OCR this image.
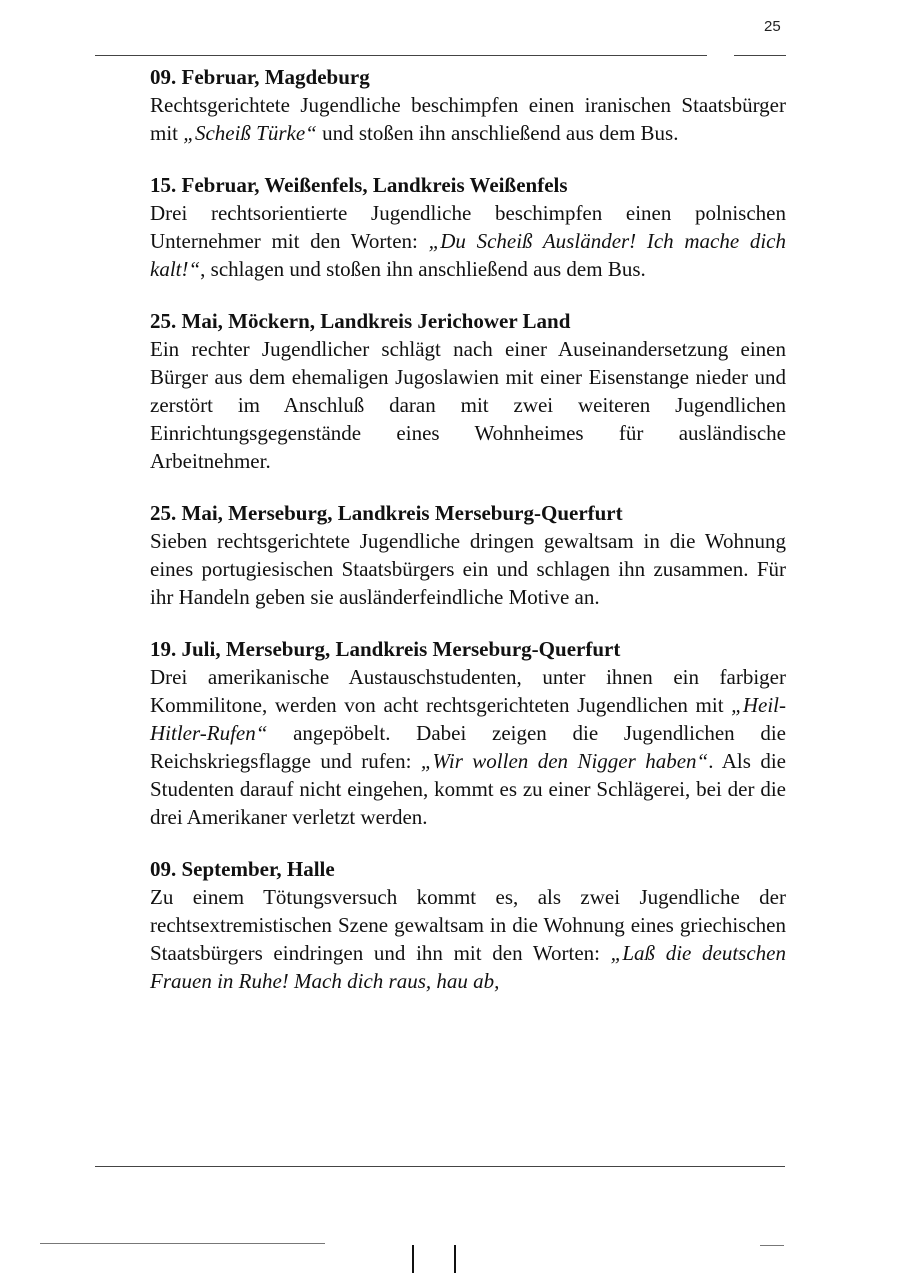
25

09. Februar, Magdeburg

Rechtsgerichtete Jugendliche beschimpfen einen iranischen Staatsbürger mit „Scheiß Türke“ und stoßen ihn anschließend aus dem Bus.

15. Februar, Weißenfels, Landkreis Weißenfels

Drei rechtsorientierte Jugendliche beschimpfen einen polnischen Unternehmer mit den Worten: „Du Scheiß Ausländer! Ich mache dich kalt!“, schlagen und stoßen ihn anschließend aus dem Bus.

25. Mai, Möckern, Landkreis Jerichower Land

Ein rechter Jugendlicher schlägt nach einer Auseinandersetzung einen Bürger aus dem ehemaligen Jugoslawien mit einer Eisenstange nieder und zerstört im Anschluß daran mit zwei weiteren Jugendlichen Einrichtungsgegenstände eines Wohnheimes für ausländische Arbeitnehmer.

25. Mai, Merseburg, Landkreis Merseburg-Querfurt

Sieben rechtsgerichtete Jugendliche dringen gewaltsam in die Wohnung eines portugiesischen Staatsbürgers ein und schlagen ihn zusammen. Für ihr Handeln geben sie ausländerfeindliche Motive an.

19. Juli, Merseburg, Landkreis Merseburg-Querfurt

Drei amerikanische Austauschstudenten, unter ihnen ein farbiger Kommilitone, werden von acht rechtsgerichteten Jugendlichen mit „Heil-Hitler-Rufen“ angepöbelt. Dabei zeigen die Jugendlichen die Reichskriegsflagge und rufen: „Wir wollen den Nigger haben“. Als die Studenten darauf nicht eingehen, kommt es zu einer Schlägerei, bei der die drei Amerikaner verletzt werden.

09. September, Halle

Zu einem Tötungsversuch kommt es, als zwei Jugendliche der rechtsextremistischen Szene gewaltsam in die Wohnung eines griechischen Staatsbürgers eindringen und ihn mit den Worten: „Laß die deutschen Frauen in Ruhe! Mach dich raus, hau ab,
